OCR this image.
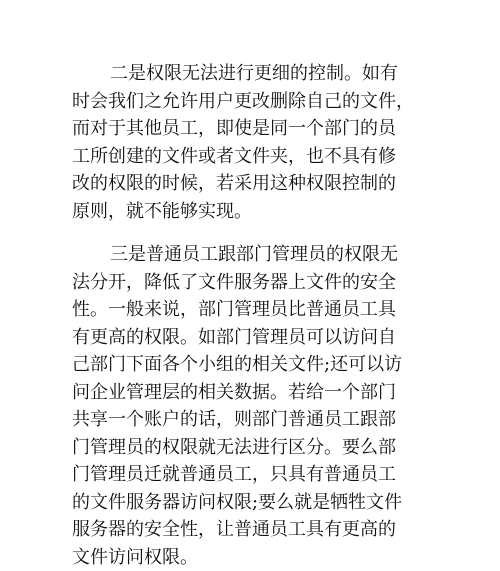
二是权限无法进行更细的控制。如有
时会我们之允许用户更改删除自己的文件，
而对于其他员工，即使是同一个部门的员
工所创建的文件或者文件夹，也不具有修
改的权限的时候，若采用这种权限控制的
原则，就不能够实现。

三是普通员工跟部门管理员的权限无
法分开，降低了文件服务器上文件的安全
性。一般来说，部门管理员比普通员工具
有更高的权限。如部门管理员可以访问自
己部门下面各个小组的相关文件;还可以访
问企业管理层的相关数据。若给一个部门
共享一个账户的话，则部门普通员工跟部
门管理员的权限就无法进行区分。要么部
门管理员迁就普通员工，只具有普通员工
的文件服务器访问权限;要么就是牺牲文件
服务器的安全性，让普通员工具有更高的
文件访问权限。
